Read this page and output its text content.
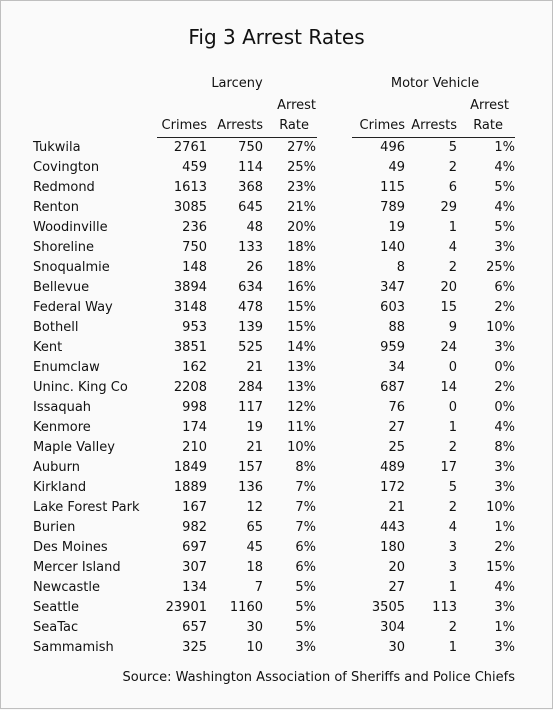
Fig 3 Arrest Rates
Larceny	Motor Vehicle
Arrest
Crimes Arrests Rate
Arrest
Crimes Arrests Rate
Tukwila	2761 750 27%	496	5	1%
Covington	459 114 25%	49	2	4%
Redmond	1613 368 23%	115	6	5%
Renton	3085 645 21%	789	29	4%
Woodinville	236	48 20%	19	1	5%
Shoreline	750 133 18%	140	4	3%
Snoqualmie	148	26 18%	8	2 25%
Bellevue	3894 634 16%	347	20	6%
Federal Way	3148 478 15%	603	15	2%
Bothell	953 139 15%	88	9 10%
Kent	3851 525 14%	959	24	3%
Enumclaw	162	21 13%	34	0	0%
Uninc. King Co	2208 284 13%	687	14	2%
Issaquah	998 117 12%	76	0	0%
Kenmore	174	19 11%	27	1	4%
Maple Valley	210	21 10%	25	2	8%
Auburn	1849 157 8%	489	17	3%
Kirkland	1889 136 7%	172	5	3%
Lake Forest Park	167	12 7%	21	2 10%
Burien	982	65 7%	443	4	1%
Des Moines	697	45 6%	180	3	2%
Mercer Island	307	18 6%	20	3 15%
Newcastle	134	7 5%	27	1	4%
Seattle	23901 1160 5%	3505 113	3%
SeaTac	657	30 5%	304	2	1%
Sammamish	325	10 3%	30	1	3%
Source: Washington Association of Sheriffs and Police Chiefs
